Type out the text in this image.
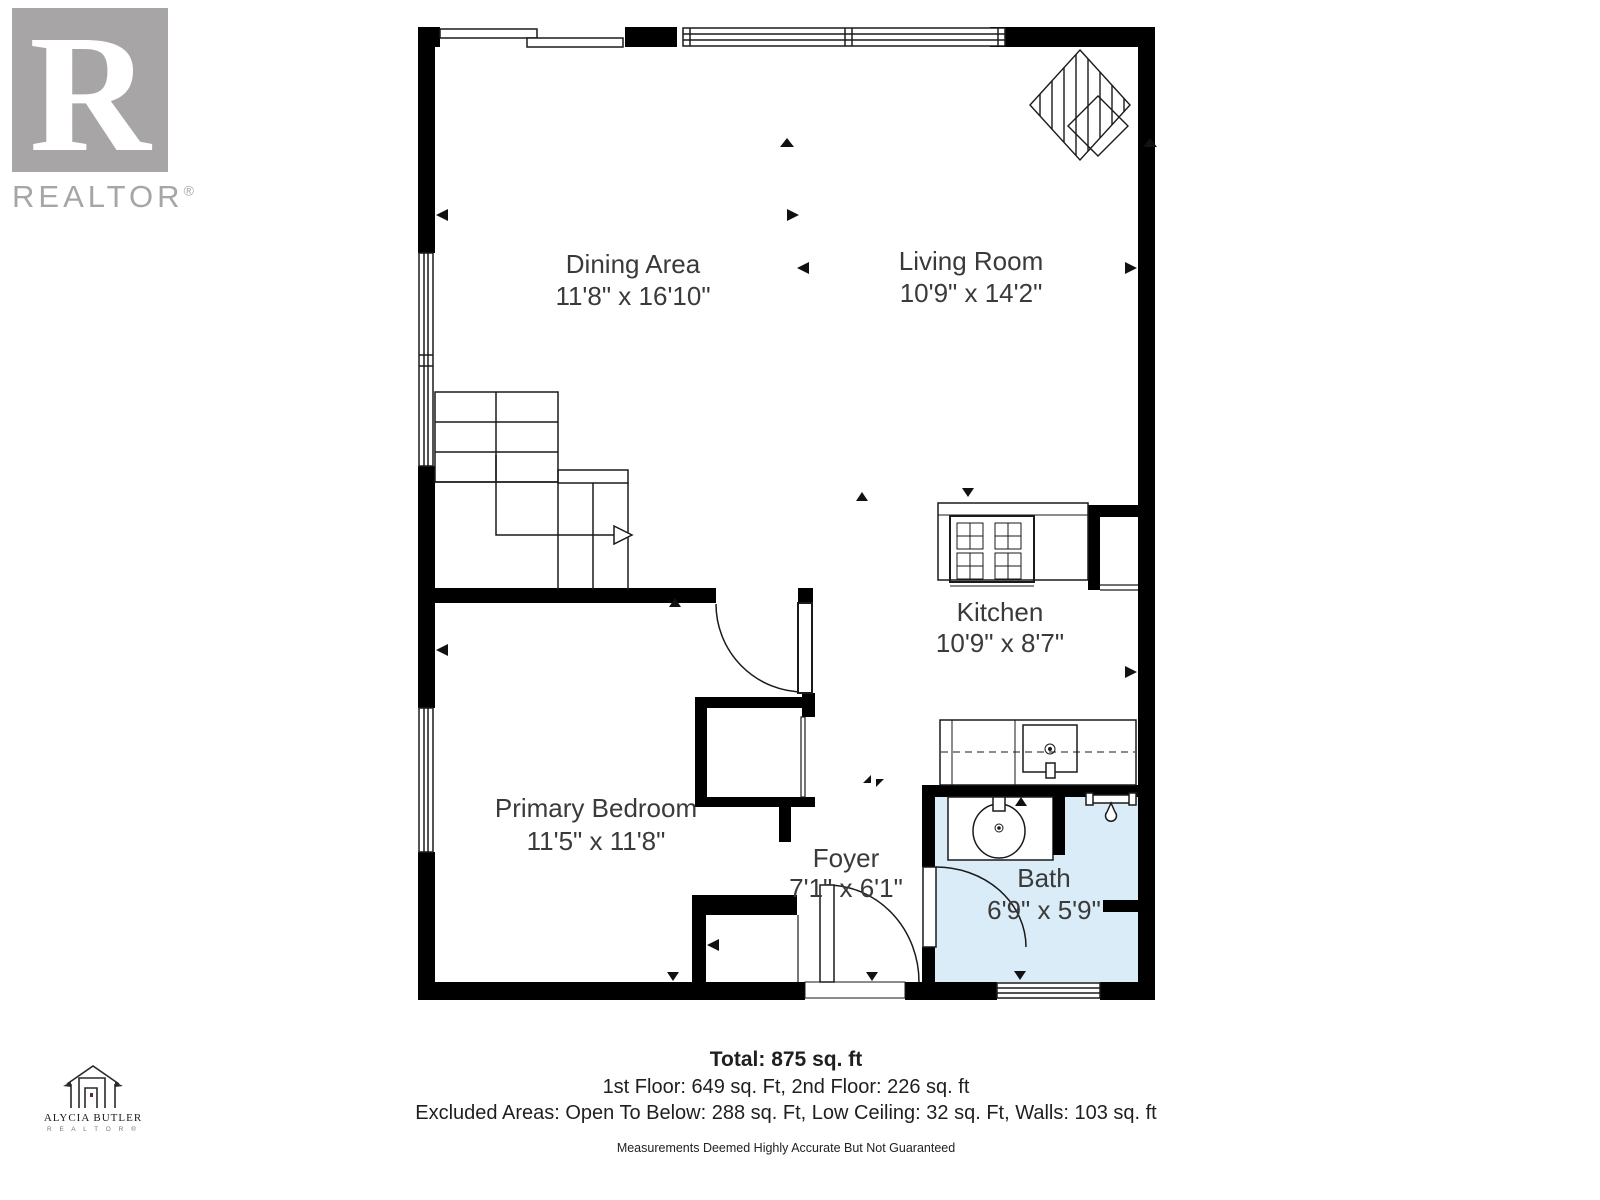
Dining Area
11'8" x 16'10"
Living Room
10'9" x 14'2"
Kitchen
10'9" x 8'7"
Primary Bedroom
11'5" x 11'8"
Foyer
7'1" x 6'1"	Bath
6'9" x 5'9"
R
REALTOR®

Total: 875 sq. ft

1st Floor: 649 sq. Ft, 2nd Floor: 226 sq. ft

Excluded Areas: Open To Below: 288 sq. Ft, Low Ceiling: 32 sq. Ft, Walls: 103 sq. ft

Measurements Deemed Highly Accurate But Not Guaranteed

ALYCIA BUTLER
R E A L T O R ®
